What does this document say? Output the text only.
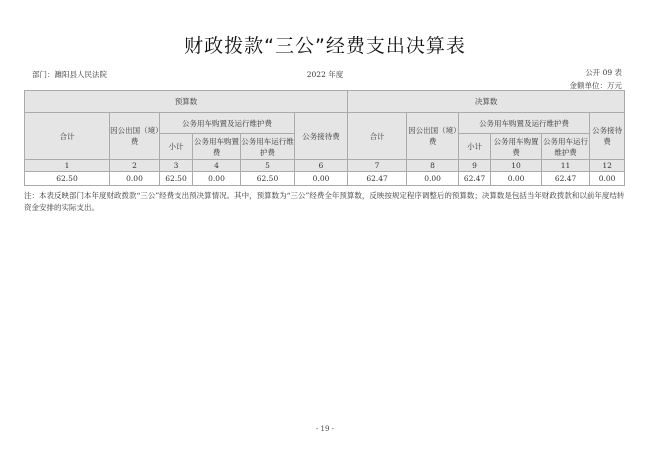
财政拨款“三公”经费支出决算表
部门：濉阳县人民法院	2022 年度	公开 09 表
金额单位：万元
预算数						决算数					
合计	因公出国（境）费	公务用车购置及运行维护费			公务接待费	合计	因公出国（境）费	公务用车购置及运行维护费			公务接待费
		小计	公务用车购置费	公务用车运行维护费				小计	公务用车购置费	公务用车运行维护费	
1	2	3	4	5	6	7	8	9	10	11	12
62.50	0.00	62.50	0.00	62.50	0.00	62.47	0.00	62.47	0.00	62.47	0.00
注：本表反映部门本年度财政拨款“三公”经费支出预决算情况。其中，预算数为“三公”经费全年预算数，反映按规定程序调整后的预算数；决算数是包括当年财政拨款和以前年度结转资金安排的实际支出。
- 19 -
